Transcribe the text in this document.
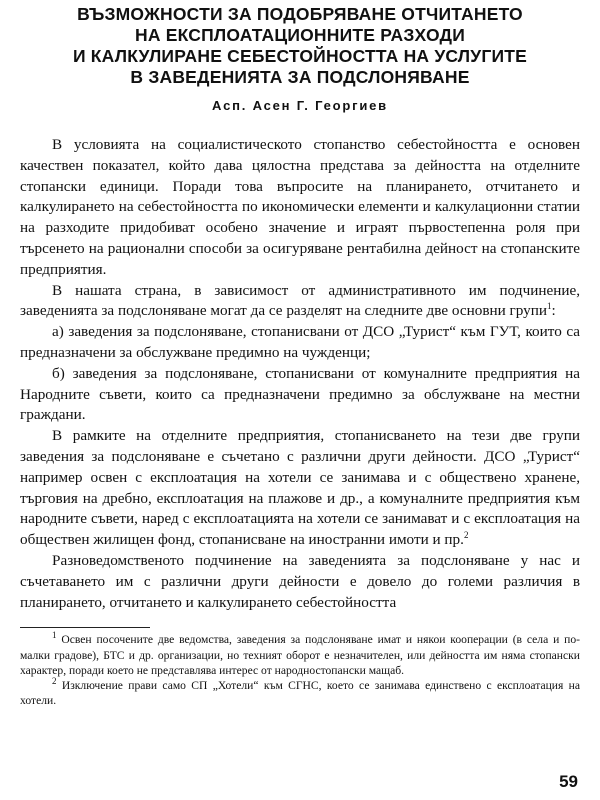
ВЪЗМОЖНОСТИ ЗА ПОДОБРЯВАНЕ ОТЧИТАНЕТО
НА ЕКСПЛОАТАЦИОННИТЕ РАЗХОДИ
И КАЛКУЛИРАНЕ СЕБЕСТОЙНОСТТА НА УСЛУГИТЕ
В ЗАВЕДЕНИЯТА ЗА ПОДСЛОНЯВАНЕ
Асп. Асен Г. Георгиев

В условията на социалистическото стопанство себестойността е основен качествен показател, който дава цялостна представа за дейността на отделните стопански единици. Поради това въпросите на планирането, отчитането и калкулирането на себестойността по икономически елементи и калкулационни статии на разходите придобиват особено значение и играят първостепенна роля при търсенето на рационални способи за осигуряване рентабилна дейност на стопанските предприятия.

В нашата страна, в зависимост от административното им подчинение, заведенията за подслоняване могат да се разделят на следните две основни групи$^1$:

а) заведения за подслоняване, стопанисвани от ДСО „Турист“ към ГУТ, които са предназначени за обслужване предимно на чужденци;

б) заведения за подслоняване, стопанисвани от комуналните предприятия на Народните съвети, които са предназначени предимно за обслужване на местни граждани.

В рамките на отделните предприятия, стопанисването на тези две групи заведения за подслоняване е съчетано с различни други дейности. ДСО „Турист“ например освен с експлоатация на хотели се занимава и с обществено хранене, търговия на дребно, експлоатация на плажове и др., а комуналните предприятия към народните съвети, наред с експлоатацията на хотели се занимават и с експлоатация на обществен жилищен фонд, стопанисване на иностранни имоти и пр.$^2$

Разноведомственото подчинение на заведенията за подслоняване у нас и съчетаването им с различни други дейности е довело до големи различия в планирането, отчитането и калкулирането себестойността

$^1$ Освен посочените две ведомства, заведения за подслоняване имат и някои кооперации (в села и по-малки градове), БТС и др. организации, но техният оборот е незначителен, или дейността им няма стопански характер, поради което не представлява интерес от народностопански мащаб.

$^2$ Изключение прави само СП „Хотели“ към СГНС, което се занимава единствено с експлоатация на хотели.

59
